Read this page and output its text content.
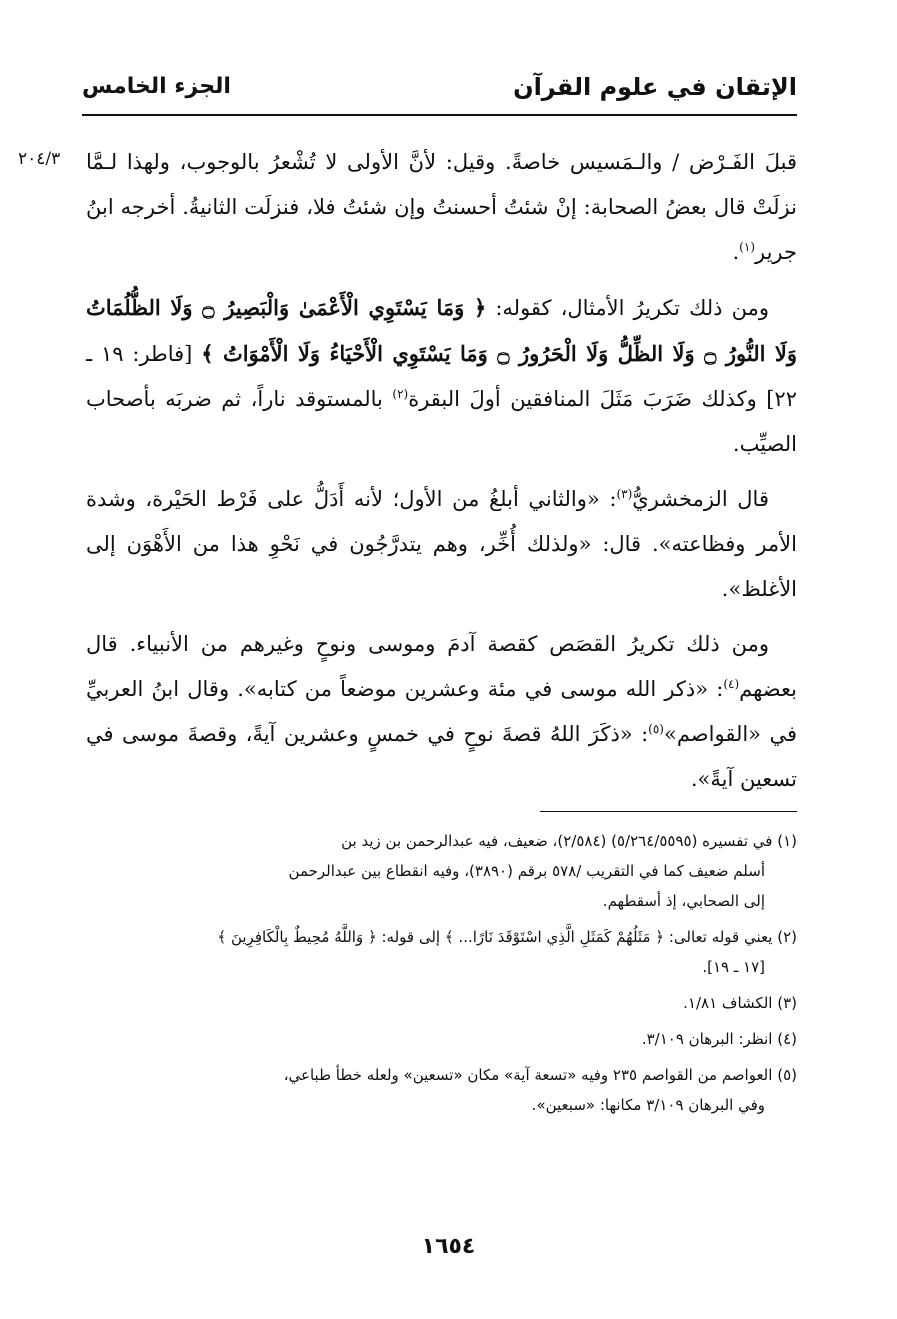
الإتقان في علوم القرآن
الجزء الخامس
٢٠٤/٣	قبلَ الفَـرْض / والـمَسيس خاصةً. وقيل: لأنَّ الأولى لا تُشْعرُ بالوجوب، ولهذا لـمَّا نزلَتْ قال بعضُ الصحابة: إنْ شئتُ أحسنتُ وإن شئتُ فلا، فنزلَت الثانيةُ. أخرجه ابنُ جرير$^{(١)}$.

ومن ذلك تكريرُ الأمثال، كقوله: ﴿ وَمَا يَسْتَوِي الْأَعْمَىٰ وَالْبَصِيرُ ۝ وَلَا الظُّلُمَاتُ وَلَا النُّورُ ۝ وَلَا الظِّلُّ وَلَا الْحَرُورُ ۝ وَمَا يَسْتَوِي الْأَحْيَاءُ وَلَا الْأَمْوَاتُ ﴾ [فاطر: ١٩ ـ ٢٢] وكذلك ضَرَبَ مَثَلَ المنافقين أولَ البقرة$^{(٢)}$ بالمستوقد ناراً، ثم ضربَه بأصحاب الصيِّب.

قال الزمخشريُّ$^{(٣)}$: «والثاني أبلغُ من الأول؛ لأنه أَدَلُّ على فَرْط الحَيْرة، وشدة الأمر وفظاعته». قال: «ولذلك أُخِّر، وهم يتدرَّجُون في نَحْوِ هذا من الأَهْوَن إلى الأغلظ».

ومن ذلك تكريرُ القصَص كقصة آدمَ وموسى ونوحٍ وغيرهم من الأنبياء. قال بعضهم$^{(٤)}$: «ذكر الله موسى في مئة وعشرين موضعاً من كتابه». وقال ابنُ العربيِّ في «القواصم»$^{(٥)}$: «ذكَرَ اللهُ قصةَ نوحٍ في خمسٍ وعشرين آيةً، وقصةَ موسى في تسعين آيةً».

(١) في تفسيره (٥/٢٦٤/٥٥٩٥) (٢/٥٨٤)، ضعيف، فيه عبدالرحمن بن زيد بن
أسلم ضعيف كما في التقريب /٥٧٨ برقم (٣٨٩٠)، وفيه انقطاع بين عبدالرحمن
إلى الصحابي، إذ أسقطهم.
(٢) يعني قوله تعالى: ﴿ مَثَلُهُمْ كَمَثَلِ الَّذِي اسْتَوْقَدَ نَارًا... ﴾ إلى قوله: ﴿ وَاللَّهُ مُحِيطٌ بِالْكَافِرِينَ ﴾
[١٧ ـ ١٩].
(٣) الكشاف ١/٨١.
(٤) انظر: البرهان ٣/١٠٩.
(٥) العواصم من القواصم ٢٣٥ وفيه «تسعة آية» مكان «تسعين» ولعله خطأ طباعي،
وفي البرهان ٣/١٠٩ مكانها: «سبعين».
١٦٥٤
